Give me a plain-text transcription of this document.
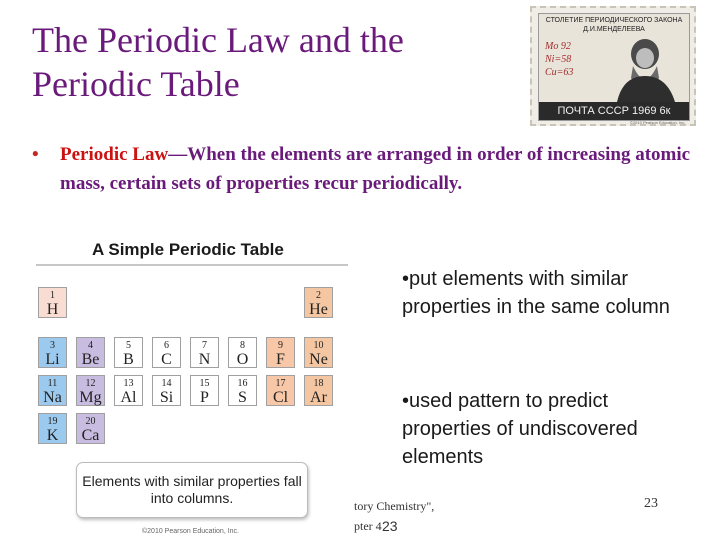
The Periodic Law and the Periodic Table
СТОЛЕТИЕ ПЕРИОДИЧЕСКОГО ЗАКОНА
Д.И.МЕНДЕЛЕЕВА
Mo 92
Ni=58
Cu=63
ПОЧТА СССР 1969 6к
©2010 Pearson Education, Inc.
•	Periodic Law—When the elements are arranged in order of increasing atomic mass, certain sets of properties recur periodically.
A Simple Periodic Table
1
H
2
He
3
Li
4
Be
5
B
6
C
7
N
8
O
9
F
10
Ne
11
Na
12
Mg
13
Al
14
Si
15
P
16
S
17
Cl
18
Ar
19
K
20
Ca
Elements with similar properties fall into columns.
©2010 Pearson Education, Inc.
•put elements with similar properties in the same column
•used pattern to predict properties of undiscovered elements
tory Chemistry",
pter 4 23
23
